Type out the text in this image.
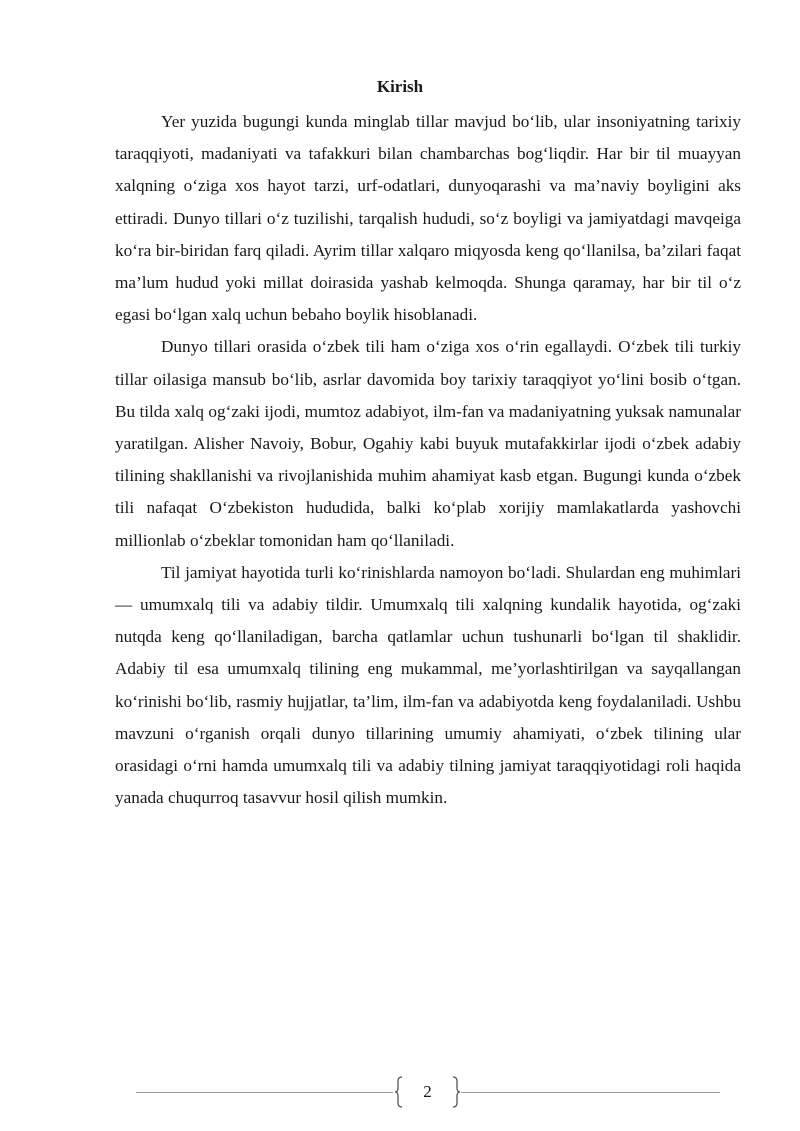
Kirish

Yer yuzida bugungi kunda minglab tillar mavjud bo‘lib, ular insoniyatning tarixiy taraqqiyoti, madaniyati va tafakkuri bilan chambarchas bog‘liqdir. Har bir til muayyan xalqning o‘ziga xos hayot tarzi, urf-odatlari, dunyoqarashi va ma’naviy boyligini aks ettiradi. Dunyo tillari o‘z tuzilishi, tarqalish hududi, so‘z boyligi va jamiyatdagi mavqeiga ko‘ra bir-biridan farq qiladi. Ayrim tillar xalqaro miqyosda keng qo‘llanilsa, ba’zilari faqat ma’lum hudud yoki millat doirasida yashab kelmoqda. Shunga qaramay, har bir til o‘z egasi bo‘lgan xalq uchun bebaho boylik hisoblanadi.

Dunyo tillari orasida o‘zbek tili ham o‘ziga xos o‘rin egallaydi. O‘zbek tili turkiy tillar oilasiga mansub bo‘lib, asrlar davomida boy tarixiy taraqqiyot yo‘lini bosib o‘tgan. Bu tilda xalq og‘zaki ijodi, mumtoz adabiyot, ilm-fan va madaniyatning yuksak namunalar yaratilgan. Alisher Navoiy, Bobur, Ogahiy kabi buyuk mutafakkirlar ijodi o‘zbek adabiy tilining shakllanishi va rivojlanishida muhim ahamiyat kasb etgan. Bugungi kunda o‘zbek tili nafaqat O‘zbekiston hududida, balki ko‘plab xorijiy mamlakatlarda yashovchi millionlab o‘zbeklar tomonidan ham qo‘llaniladi.

Til jamiyat hayotida turli ko‘rinishlarda namoyon bo‘ladi. Shulardan eng muhimlari — umumxalq tili va adabiy tildir. Umumxalq tili xalqning kundalik hayotida, og‘zaki nutqda keng qo‘llaniladigan, barcha qatlamlar uchun tushunarli bo‘lgan til shaklidir. Adabiy til esa umumxalq tilining eng mukammal, me’yorlashtirilgan va sayqallangan ko‘rinishi bo‘lib, rasmiy hujjatlar, ta’lim, ilm-fan va adabiyotda keng foydalaniladi. Ushbu mavzuni o‘rganish orqali dunyo tillarining umumiy ahamiyati, o‘zbek tilining ular orasidagi o‘rni hamda umumxalq tili va adabiy tilning jamiyat taraqqiyotidagi roli haqida yanada chuqurroq tasavvur hosil qilish mumkin.

2
